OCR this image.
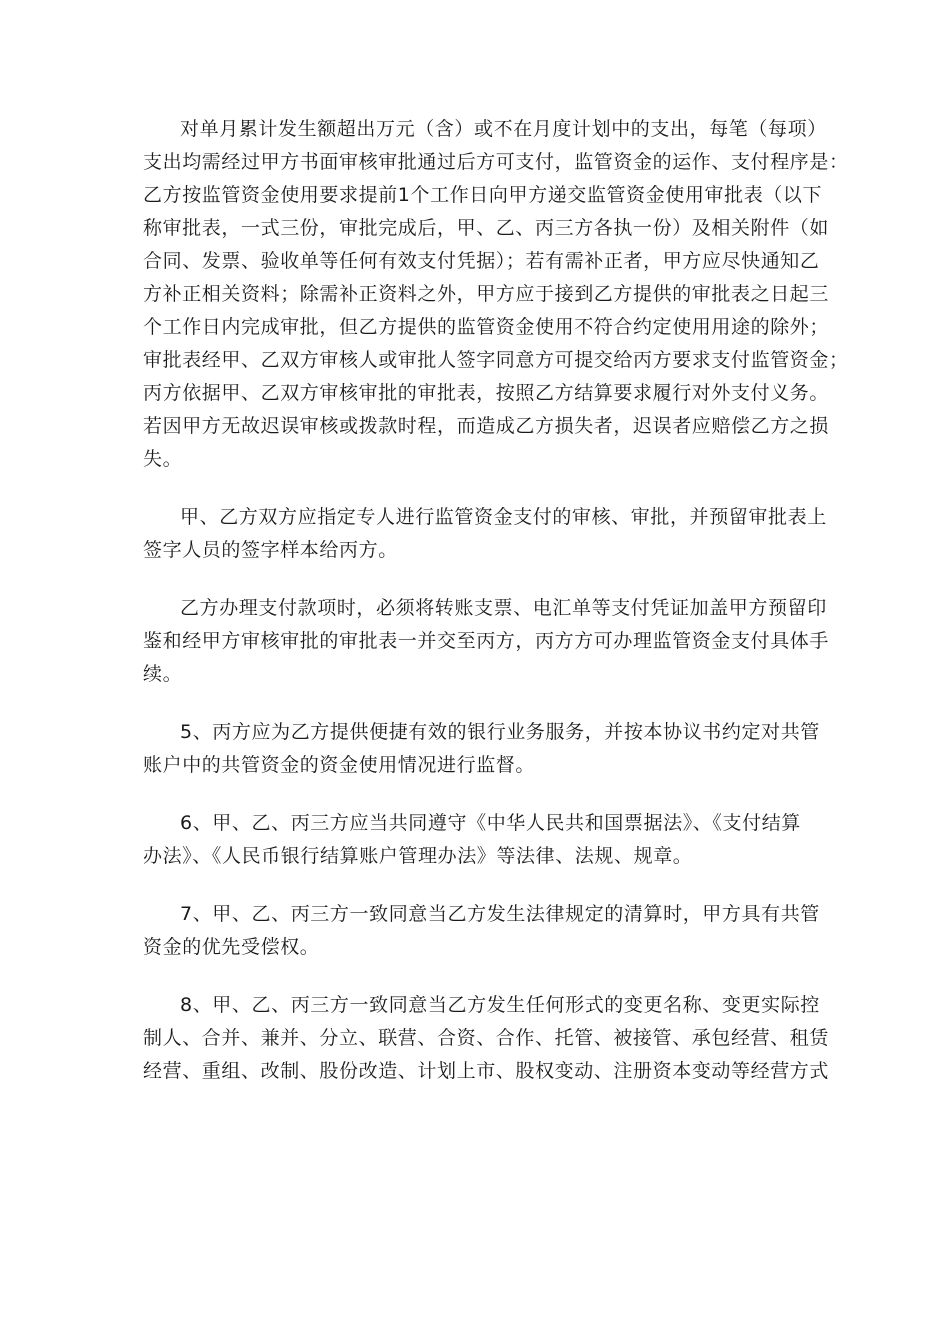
对单月累计发生额超出万元（含）或不在月度计划中的支出，每笔（每项）
支出均需经过甲方书面审核审批通过后方可支付，监管资金的运作、支付程序是：
乙方按监管资金使用要求提前1个工作日向甲方递交监管资金使用审批表（以下
称审批表，一式三份，审批完成后，甲、乙、丙三方各执一份）及相关附件（如
合同、发票、验收单等任何有效支付凭据）；若有需补正者，甲方应尽快通知乙
方补正相关资料；除需补正资料之外，甲方应于接到乙方提供的审批表之日起三
个工作日内完成审批，但乙方提供的监管资金使用不符合约定使用用途的除外；
审批表经甲、乙双方审核人或审批人签字同意方可提交给丙方要求支付监管资金；
丙方依据甲、乙双方审核审批的审批表，按照乙方结算要求履行对外支付义务。
若因甲方无故迟误审核或拨款时程，而造成乙方损失者，迟误者应赔偿乙方之损
失。

甲、乙方双方应指定专人进行监管资金支付的审核、审批，并预留审批表上
签字人员的签字样本给丙方。

乙方办理支付款项时，必须将转账支票、电汇单等支付凭证加盖甲方预留印
鉴和经甲方审核审批的审批表一并交至丙方，丙方方可办理监管资金支付具体手
续。

5、丙方应为乙方提供便捷有效的银行业务服务，并按本协议书约定对共管
账户中的共管资金的资金使用情况进行监督。

6、甲、乙、丙三方应当共同遵守《中华人民共和国票据法》、《支付结算
办法》、《人民币银行结算账户管理办法》等法律、法规、规章。

7、甲、乙、丙三方一致同意当乙方发生法律规定的清算时，甲方具有共管
资金的优先受偿权。

8、甲、乙、丙三方一致同意当乙方发生任何形式的变更名称、变更实际控
制人、合并、兼并、分立、联营、合资、合作、托管、被接管、承包经营、租赁
经营、重组、改制、股份改造、计划上市、股权变动、注册资本变动等经营方式
